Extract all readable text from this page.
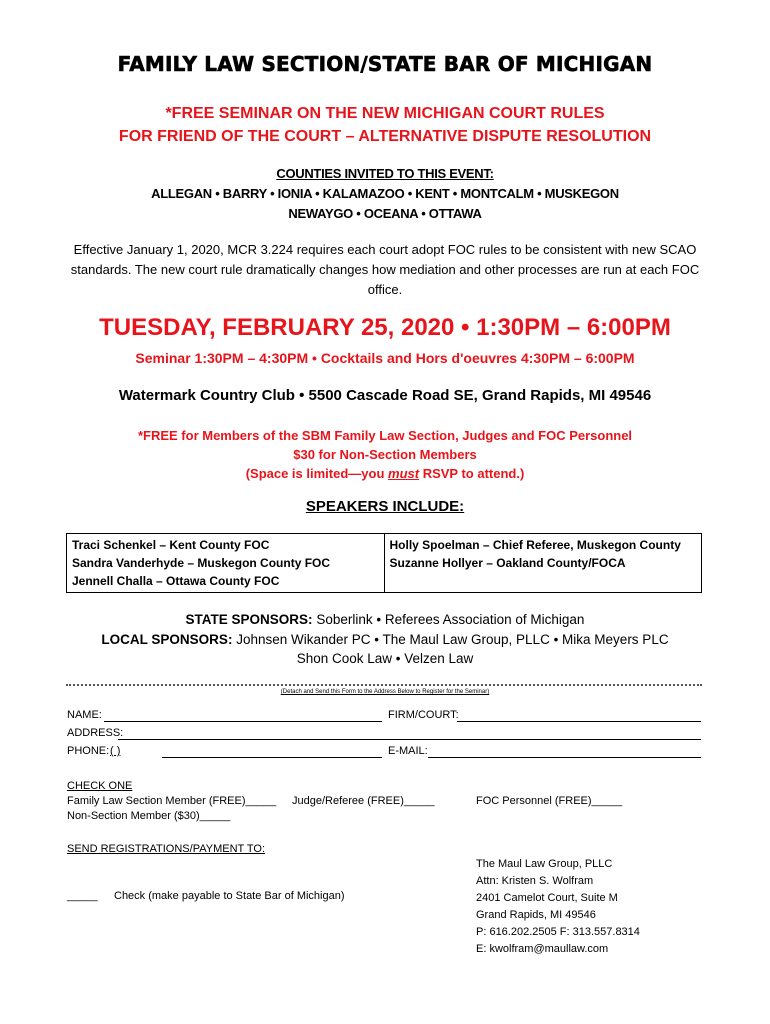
FAMILY LAW SECTION/STATE BAR OF MICHIGAN
*FREE SEMINAR ON THE NEW MICHIGAN COURT RULES
FOR FRIEND OF THE COURT – ALTERNATIVE DISPUTE RESOLUTION
COUNTIES INVITED TO THIS EVENT:
ALLEGAN • BARRY • IONIA • KALAMAZOO • KENT • MONTCALM • MUSKEGON
NEWAYGO • OCEANA • OTTAWA
Effective January 1, 2020, MCR 3.224 requires each court adopt FOC rules to be consistent with new SCAO standards. The new court rule dramatically changes how mediation and other processes are run at each FOC office.
TUESDAY, FEBRUARY 25, 2020 • 1:30PM – 6:00PM
Seminar 1:30PM – 4:30PM • Cocktails and Hors d'oeuvres 4:30PM – 6:00PM
Watermark Country Club • 5500 Cascade Road SE, Grand Rapids, MI 49546
*FREE for Members of the SBM Family Law Section, Judges and FOC Personnel
$30 for Non-Section Members
(Space is limited—you must RSVP to attend.)
SPEAKERS INCLUDE:
Traci Schenkel – Kent County FOC
Sandra Vanderhyde – Muskegon County FOC
Jennell Challa – Ottawa County FOC

Holly Spoelman – Chief Referee, Muskegon County
Suzanne Hollyer – Oakland County/FOCA
STATE SPONSORS: Soberlink • Referees Association of Michigan
LOCAL SPONSORS: Johnsen Wikander PC • The Maul Law Group, PLLC • Mika Meyers PLC
Shon Cook Law • Velzen Law
(Detach and Send this Form to the Address Below to Register for the Seminar)
NAME:	FIRM/COURT:
ADDRESS:
PHONE: ( )	E-MAIL:
CHECK ONE
Family Law Section Member (FREE)_____ Judge/Referee (FREE)_____	FOC Personnel (FREE)_____
Non-Section Member ($30)_____
SEND REGISTRATIONS/PAYMENT TO:
_____ Check (make payable to State Bar of Michigan)
The Maul Law Group, PLLC
Attn: Kristen S. Wolfram
2401 Camelot Court, Suite M
Grand Rapids, MI 49546
P: 616.202.2505 F: 313.557.8314
E: kwolfram@maullaw.com
